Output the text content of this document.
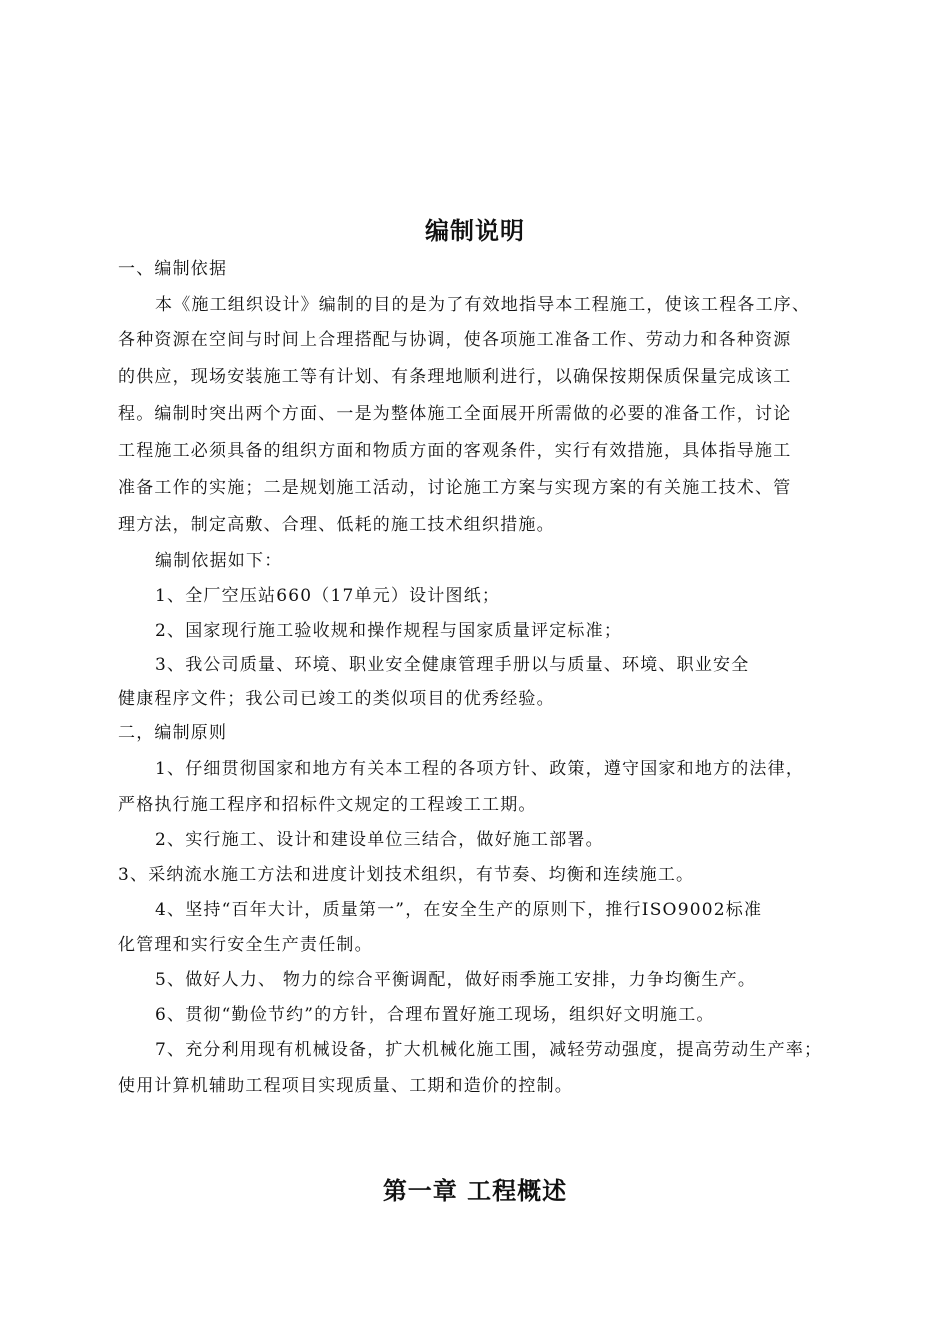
编制说明
一、编制依据
本《施工组织设计》编制的目的是为了有效地指导本工程施工，使该工程各工序、
各种资源在空间与时间上合理搭配与协调，使各项施工准备工作、劳动力和各种资源
的供应，现场安装施工等有计划、有条理地顺利进行，以确保按期保质保量完成该工
程。编制时突出两个方面、一是为整体施工全面展开所需做的必要的准备工作，讨论
工程施工必须具备的组织方面和物质方面的客观条件，实行有效措施，具体指导施工
准备工作的实施；二是规划施工活动，讨论施工方案与实现方案的有关施工技术、管
理方法，制定高敷、合理、低耗的施工技术组织措施。
编制依据如下：
1、全厂空压站660（17单元）设计图纸；
2、国家现行施工验收规和操作规程与国家质量评定标准；
3、我公司质量、环境、职业安全健康管理手册以与质量、环境、职业安全
健康程序文件；我公司已竣工的类似项目的优秀经验。
二，编制原则
1、仔细贯彻国家和地方有关本工程的各项方针、政策，遵守国家和地方的法律，
严格执行施工程序和招标件文规定的工程竣工工期。
2、实行施工、设计和建设单位三结合，做好施工部署。
3、采纳流水施工方法和进度计划技术组织，有节奏、均衡和连续施工。
4、坚持“百年大计，质量第一”，在安全生产的原则下，推行ISO9002标准
化管理和实行安全生产责任制。
5、做好人力、 物力的综合平衡调配，做好雨季施工安排，力争均衡生产。
6、贯彻“勤俭节约”的方针，合理布置好施工现场，组织好文明施工。
7、充分利用现有机械设备，扩大机械化施工围，减轻劳动强度，提高劳动生产率；
使用计算机辅助工程项目实现质量、工期和造价的控制。
第一章 工程概述
